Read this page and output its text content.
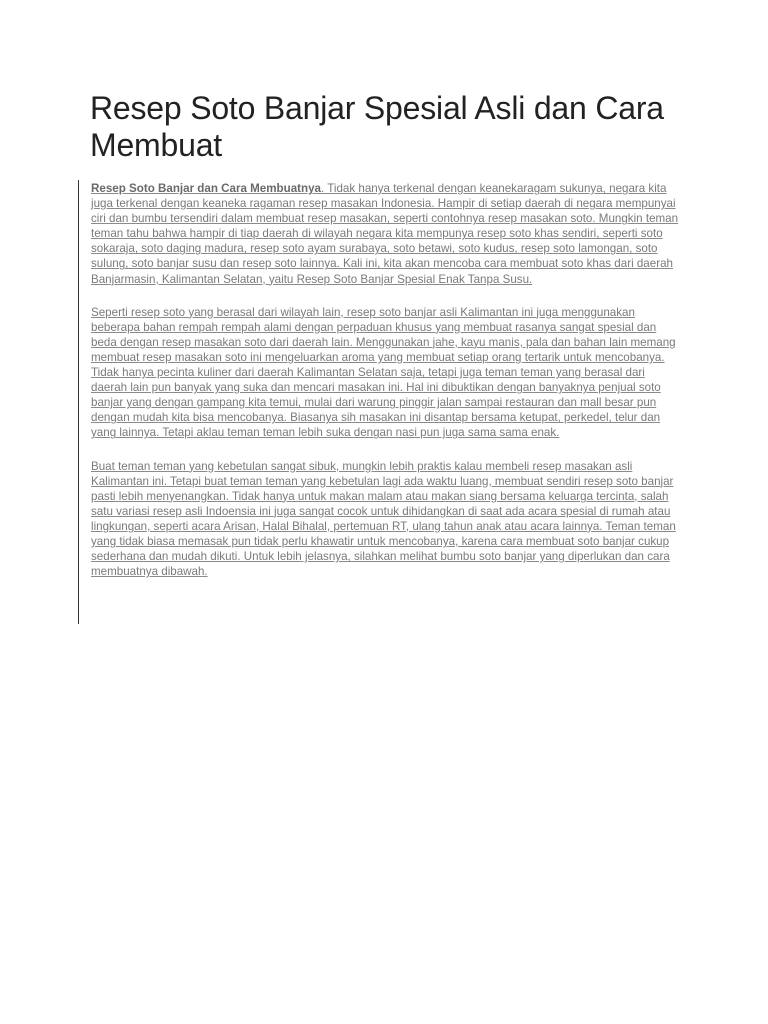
Resep Soto Banjar Spesial Asli dan Cara Membuat

Resep Soto Banjar dan Cara Membuatnya. Tidak hanya terkenal dengan keanekaragam sukunya, negara kita juga terkenal dengan keaneka ragaman resep masakan Indonesia. Hampir di setiap daerah di negara mempunyai ciri dan bumbu tersendiri dalam membuat resep masakan, seperti contohnya resep masakan soto. Mungkin teman teman tahu bahwa hampir di tiap daerah di wilayah negara kita mempunya resep soto khas sendiri, seperti soto sokaraja, soto daging madura, resep soto ayam surabaya, soto betawi, soto kudus, resep soto lamongan, soto sulung, soto banjar susu dan resep soto lainnya. Kali ini, kita akan mencoba cara membuat soto khas dari daerah Banjarmasin, Kalimantan Selatan, yaitu Resep Soto Banjar Spesial Enak Tanpa Susu.

Seperti resep soto yang berasal dari wilayah lain, resep soto banjar asli Kalimantan ini juga menggunakan beberapa bahan rempah rempah alami dengan perpaduan khusus yang membuat rasanya sangat spesial dan beda dengan resep masakan soto dari daerah lain. Menggunakan jahe, kayu manis, pala dan bahan lain memang membuat resep masakan soto ini mengeluarkan aroma yang membuat setiap orang tertarik untuk mencobanya. Tidak hanya pecinta kuliner dari daerah Kalimantan Selatan saja, tetapi juga teman teman yang berasal dari daerah lain pun banyak yang suka dan mencari masakan ini. Hal ini dibuktikan dengan banyaknya penjual soto banjar yang dengan gampang kita temui, mulai dari warung pinggir jalan sampai restauran dan mall besar pun dengan mudah kita bisa mencobanya. Biasanya sih masakan ini disantap bersama ketupat, perkedel, telur dan yang lainnya. Tetapi aklau teman teman lebih suka dengan nasi pun juga sama sama enak.

Buat teman teman yang kebetulan sangat sibuk, mungkin lebih praktis kalau membeli resep masakan asli Kalimantan ini. Tetapi buat teman teman yang kebetulan lagi ada waktu luang, membuat sendiri resep soto banjar pasti lebih menyenangkan. Tidak hanya untuk makan malam atau makan siang bersama keluarga tercinta, salah satu variasi resep asli Indoensia ini juga sangat cocok untuk dihidangkan di saat ada acara spesial di rumah atau lingkungan, seperti acara Arisan, Halal Bihalal, pertemuan RT, ulang tahun anak atau acara lainnya. Teman teman yang tidak biasa memasak pun tidak perlu khawatir untuk mencobanya, karena cara membuat soto banjar cukup sederhana dan mudah dikuti. Untuk lebih jelasnya, silahkan melihat bumbu soto banjar yang diperlukan dan cara membuatnya dibawah.
